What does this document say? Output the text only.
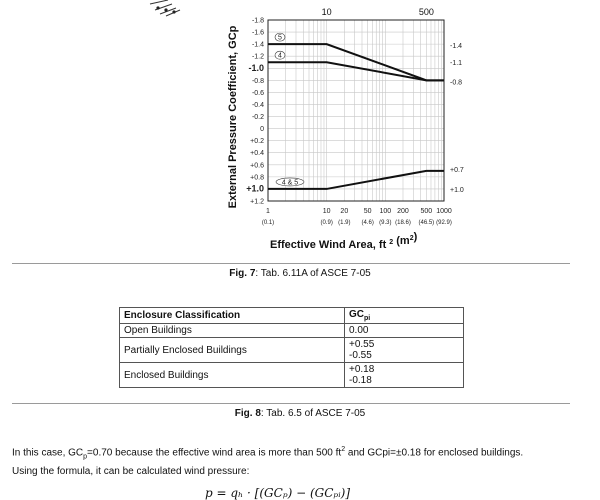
External Pressure Coefficient, GCp
-1.8
-1.6
-1.4
-1.2
-1.0
-0.8
-0.6
-0.4
-0.2
0
+0.2
+0.4
+0.6
+0.8
+1.0
+1.2
10	500
1
(0.1)
10
(0.9)
20
(1.9)
50
(4.6)
100
(9.3)
200
(18.6)
500
(46.5)
1000
(92.9)
5
4
4 & 5
-1.4
-1.1
-0.8
+0.7
+1.0
Effective Wind Area, ft $^2$ $(m^2)$
Fig. 7: Tab. 6.11A of ASCE 7-05
Enclosure Classification	$GC_{pi}$
Open Buildings	0.00
Partially Enclosed Buildings	+0.55
-0.55

Enclosed Buildings	+0.18
-0.18
Fig. 8: Tab. 6.5 of ASCE 7-05
In this case, $GC_p=0.70$ because the effective wind area is more than 500 $ft^2$ and GCpi=±0.18 for enclosed buildings.
Using the formula, it can be calculated wind pressure:
p = qₕ · [(GCₚ) − (GCₚᵢ)]
